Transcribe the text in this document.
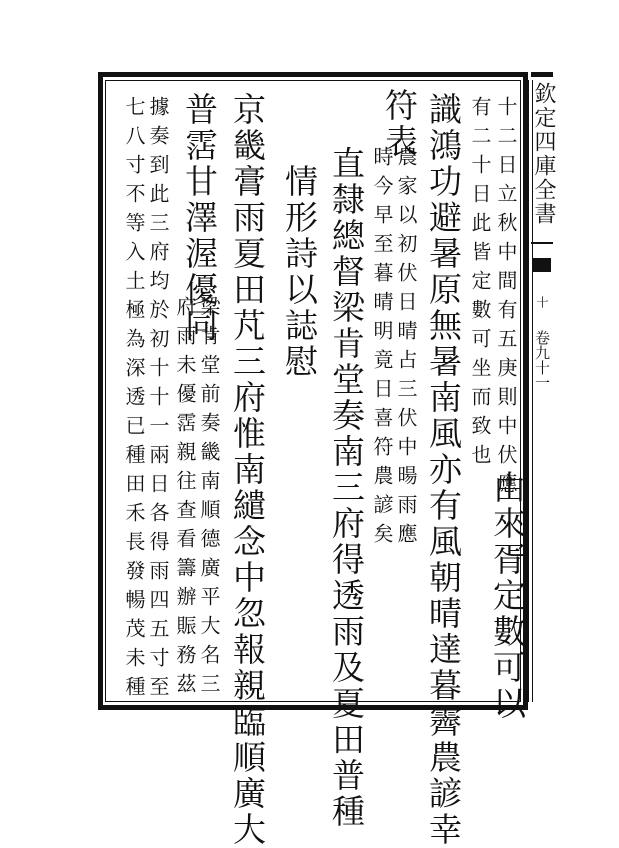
欽定四庫全書
十
卷九十一
十二日立秋中間有五庚則中伏應
有二十日此皆定數可坐而致也
由來胥定數可以
識鴻功避暑原無暑南風亦有風朝晴達暮霽農諺幸
符表
農家以初伏日晴占三伏中暘雨應
時今早至暮晴明竟日喜符農諺矣
直隸總督梁肯堂奏南三府得透雨及夏田普種
情形詩以誌慰
京畿膏雨夏田芃三府惟南繾念中忽報親臨順廣大
普霑甘澤渥優同
梁肯堂前奏畿南順德廣平大名三
府雨未優霑親往查看籌辦賑務茲
據奏到此三府均於初十十一兩日各得雨四五寸至
七八寸不等入土極為深透已種田禾長發暢茂未種
